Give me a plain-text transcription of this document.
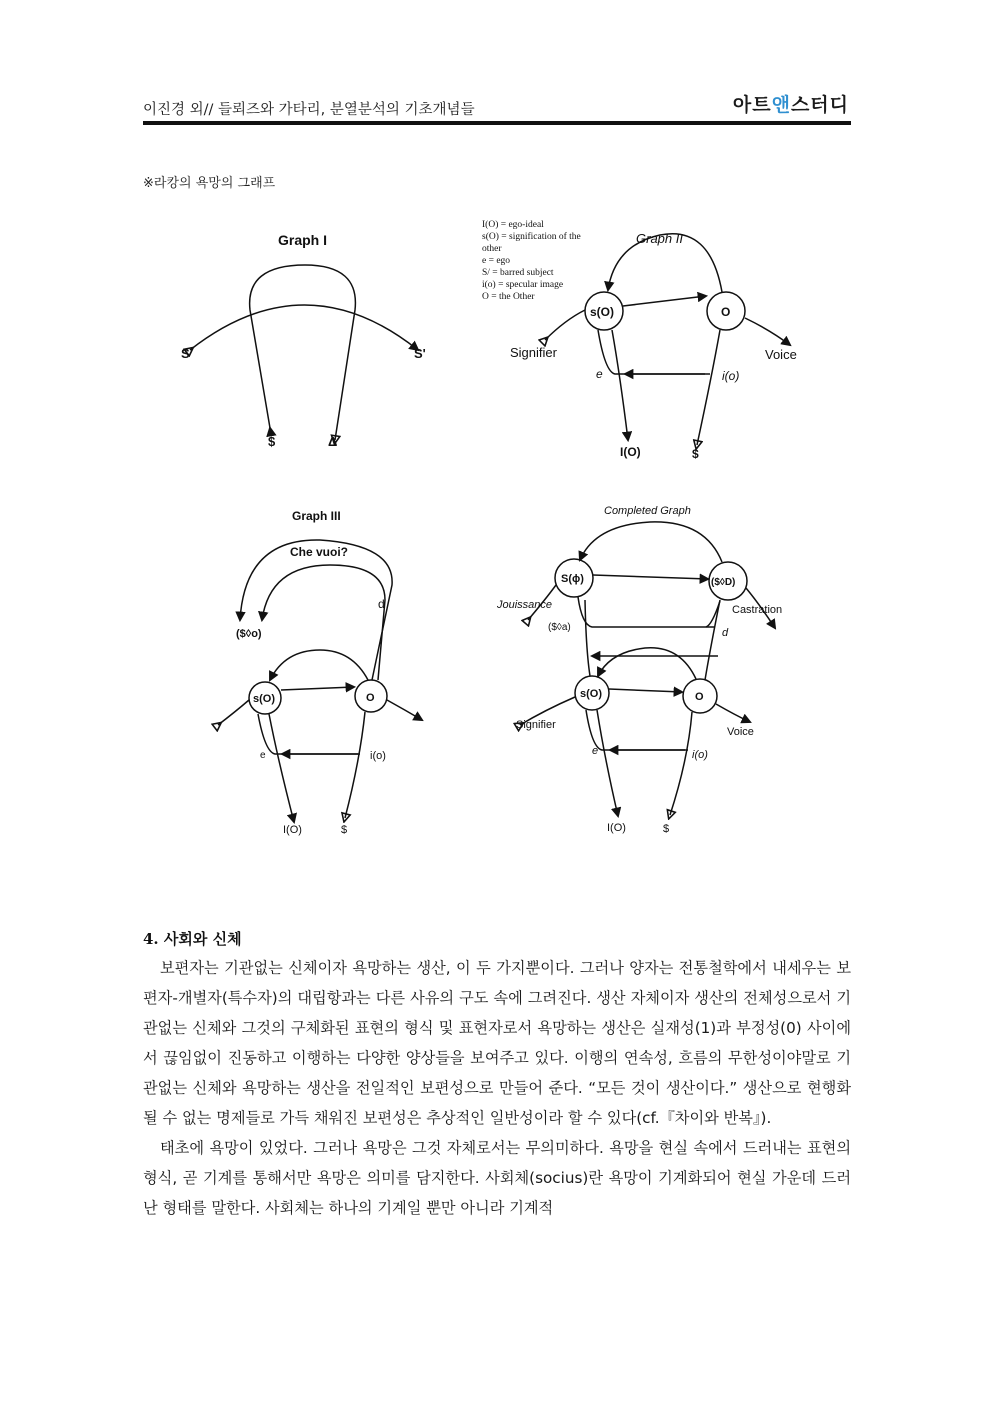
이진경 외// 들뢰즈와 가타리, 분열분석의 기초개념들	아트앤스터디
※라캉의 욕망의 그래프
Graph I
S	S'
$	Δ
I(O) = ego-ideal
s(O) = signification of the
other
e = ego
S/ = barred subject
i(o) = specular image
O = the Other
Graph II
s(O)	O
Signifier	Voice
e	i(o)
I(O)	$
Graph III
Che vuoi?
d
($◊o)
s(O)	O
e	i(o)
I(O)	$
Completed Graph
S(ϕ)	($◊D)
Jouissance	Castration
($◊a)	d
s(O)	O
Signifier
Voice
e	i(o)
I(O)	$
4. 사회와 신체

보편자는 기관없는 신체이자 욕망하는 생산, 이 두 가지뿐이다. 그러나 양자는 전통철학에서 내세우는 보편자-개별자(특수자)의 대립항과는 다른 사유의 구도 속에 그려진다. 생산 자체이자 생산의 전체성으로서 기관없는 신체와 그것의 구체화된 표현의 형식 및 표현자로서 욕망하는 생산은 실재성(1)과 부정성(0) 사이에서 끊임없이 진동하고 이행하는 다양한 양상들을 보여주고 있다. 이행의 연속성, 흐름의 무한성이야말로 기관없는 신체와 욕망하는 생산을 전일적인 보편성으로 만들어 준다. “모든 것이 생산이다.” 생산으로 현행화될 수 없는 명제들로 가득 채워진 보편성은 추상적인 일반성이라 할 수 있다(cf.『차이와 반복』).

태초에 욕망이 있었다. 그러나 욕망은 그것 자체로서는 무의미하다. 욕망을 현실 속에서 드러내는 표현의 형식, 곧 기계를 통해서만 욕망은 의미를 담지한다. 사회체(socius)란 욕망이 기계화되어 현실 가운데 드러난 형태를 말한다. 사회체는 하나의 기계일 뿐만 아니라 기계적
